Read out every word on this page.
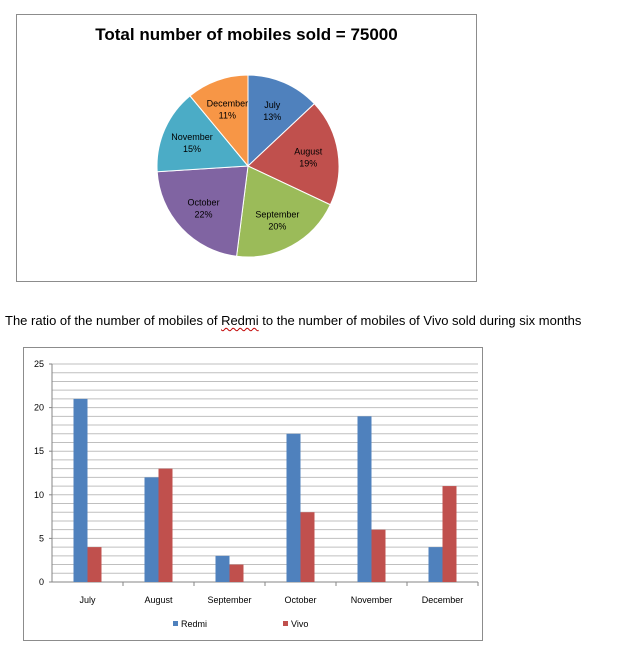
Total number of mobiles sold = 75000
July
13%
August
19%
September
20%
October
22%
November
15%
December
11%
The ratio of the number of mobiles of Redmi to the number of mobiles of Vivo sold during six months
0
5
10
15
20
25
July	August	September	October	November	December
Redmi	Vivo
